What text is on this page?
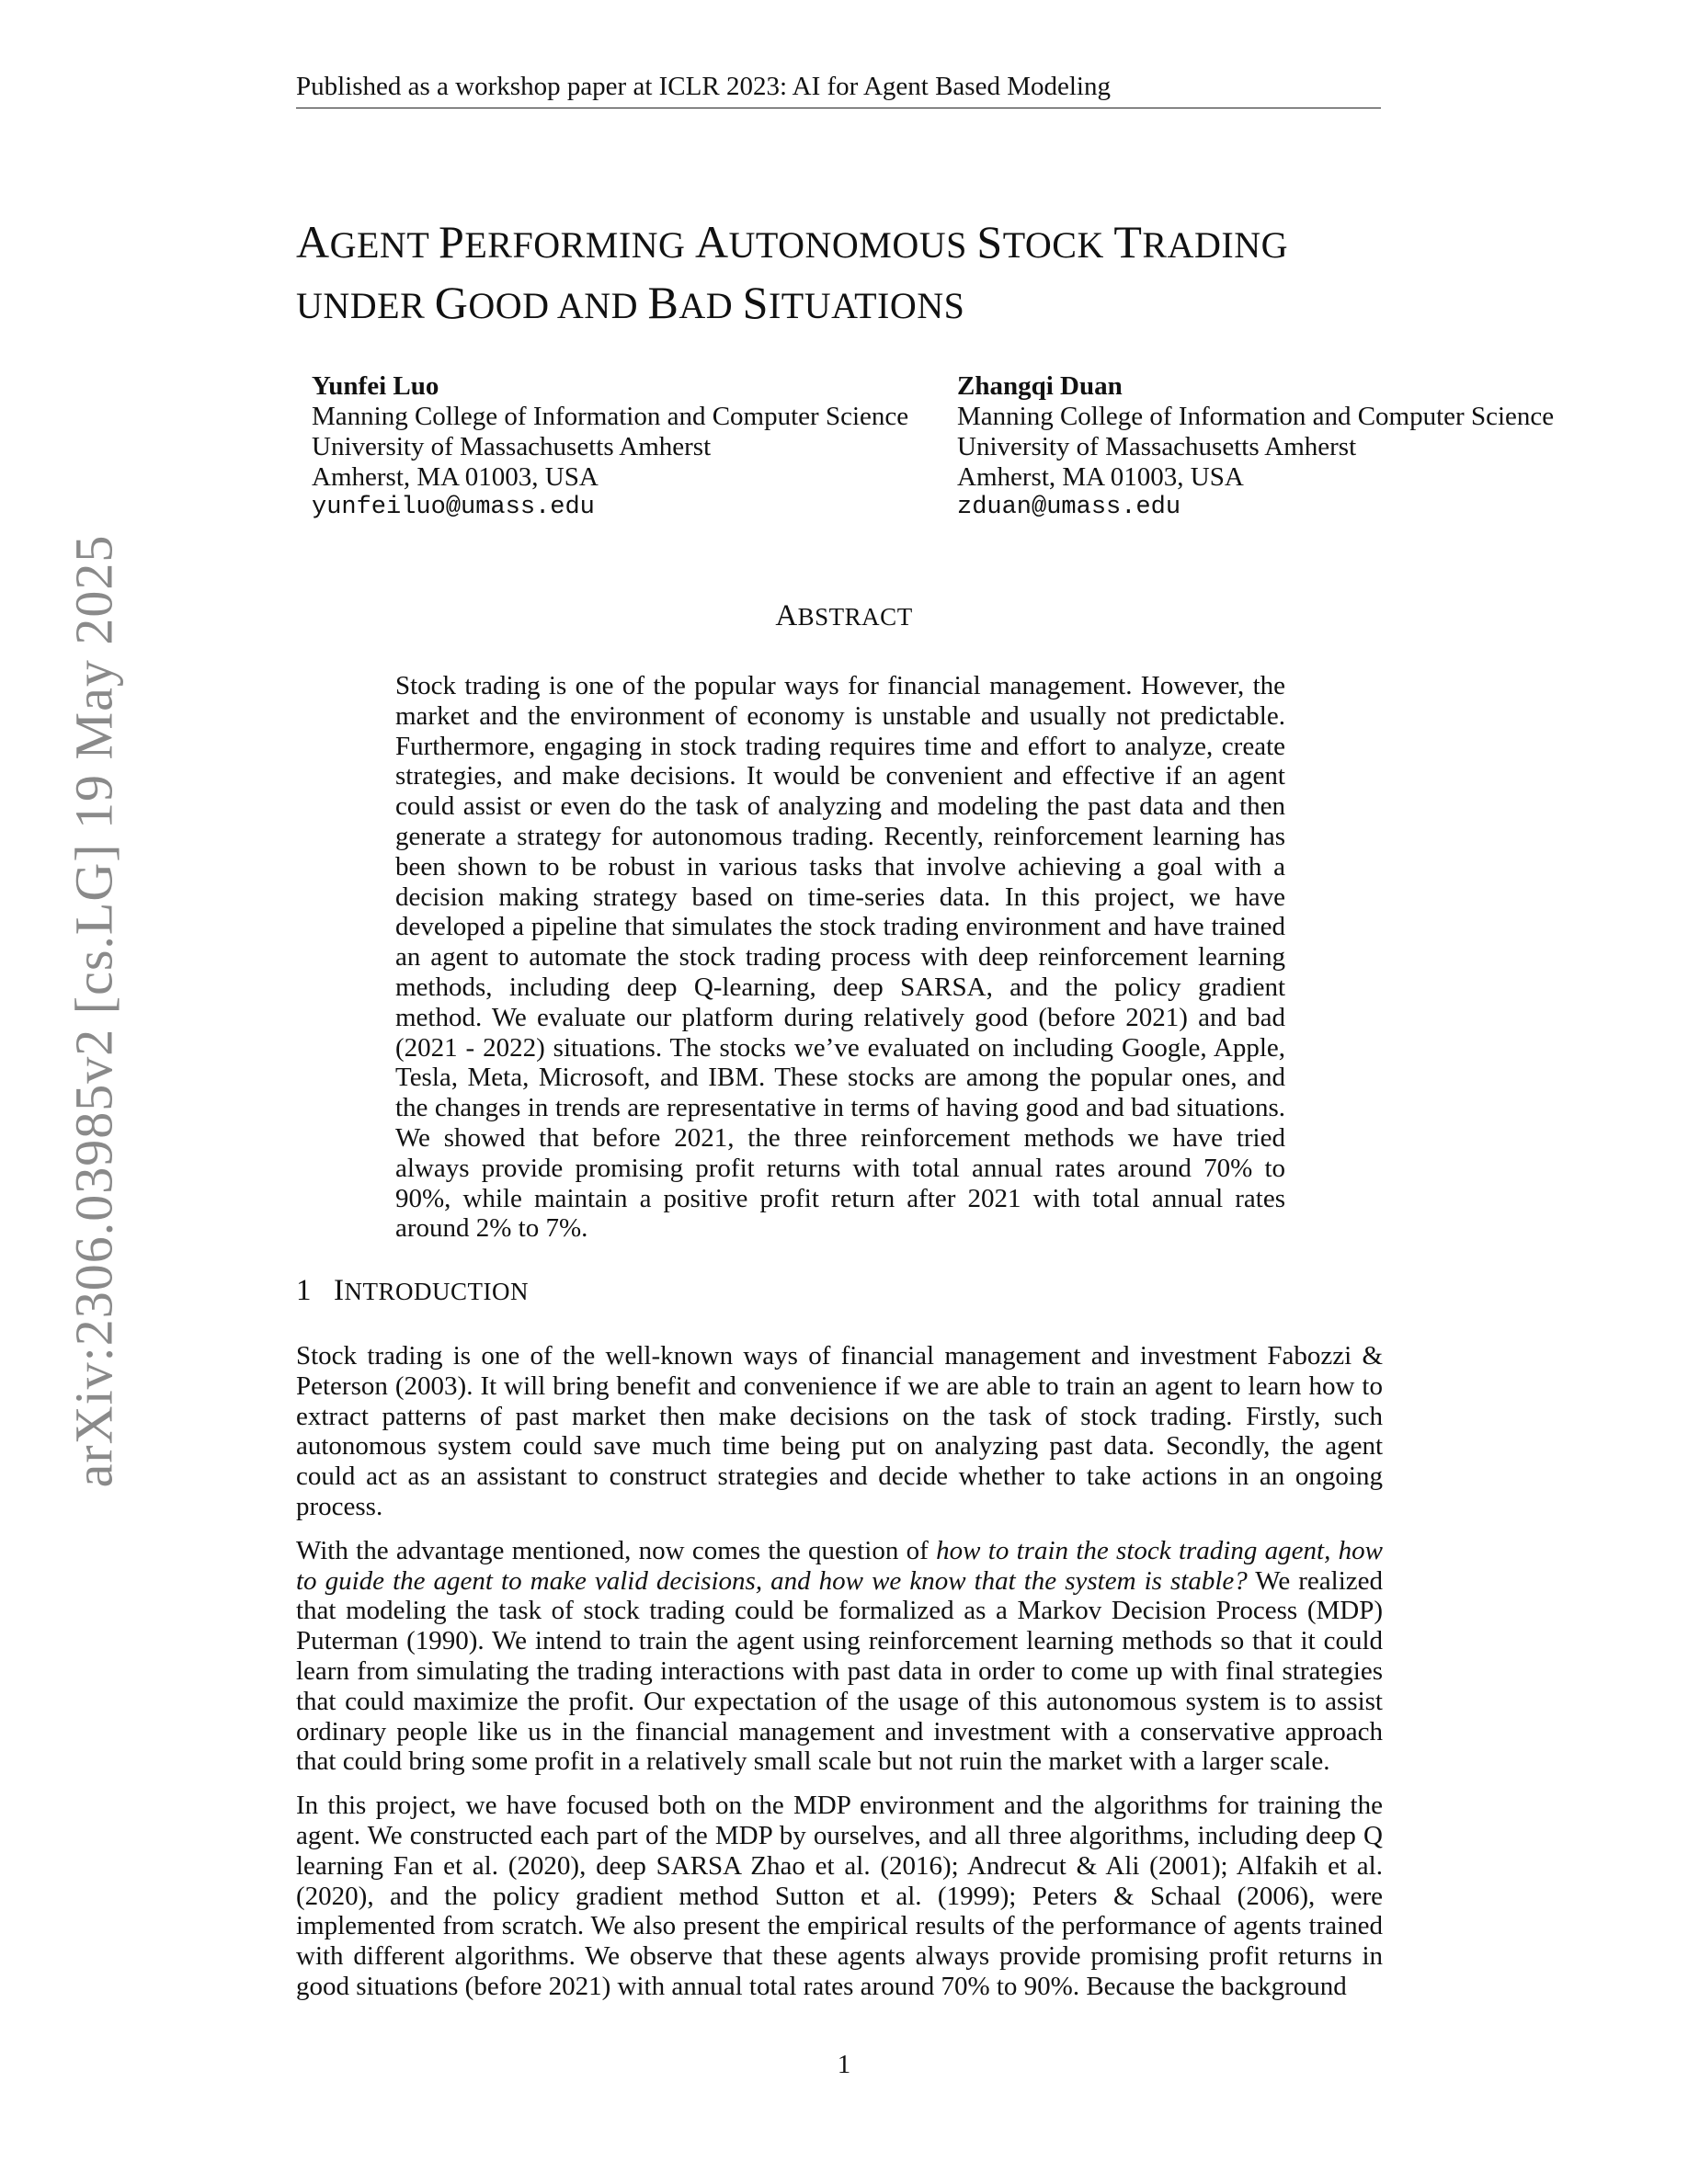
Published as a workshop paper at ICLR 2023: AI for Agent Based Modeling
AGENT PERFORMING AUTONOMOUS STOCK TRADING
UNDER GOOD AND BAD SITUATIONS
Yunfei Luo
Manning College of Information and Computer Science
University of Massachusetts Amherst
Amherst, MA 01003, USA
yunfeiluo@umass.edu
Zhangqi Duan
Manning College of Information and Computer Science
University of Massachusetts Amherst
Amherst, MA 01003, USA
zduan@umass.edu
ABSTRACT
Stock trading is one of the popular ways for financial management. However, the market and the environment of economy is unstable and usually not predictable. Furthermore, engaging in stock trading requires time and effort to analyze, create strategies, and make decisions. It would be convenient and effective if an agent could assist or even do the task of analyzing and modeling the past data and then generate a strategy for autonomous trading. Recently, reinforcement learning has been shown to be robust in various tasks that involve achieving a goal with a decision making strategy based on time-series data. In this project, we have developed a pipeline that simulates the stock trading environment and have trained an agent to automate the stock trading process with deep reinforcement learning methods, including deep Q-learning, deep SARSA, and the policy gradient method. We evaluate our platform during relatively good (before 2021) and bad (2021 - 2022) situations. The stocks we’ve evaluated on including Google, Apple, Tesla, Meta, Microsoft, and IBM. These stocks are among the popular ones, and the changes in trends are representative in terms of having good and bad situations. We showed that before 2021, the three reinforcement methods we have tried always provide promising profit returns with total annual rates around 70% to 90%, while maintain a positive profit return after 2021 with total annual rates around 2% to 7%.
1 INTRODUCTION

Stock trading is one of the well-known ways of financial management and investment Fabozzi & Peterson (2003). It will bring benefit and convenience if we are able to train an agent to learn how to extract patterns of past market then make decisions on the task of stock trading. Firstly, such autonomous system could save much time being put on analyzing past data. Secondly, the agent could act as an assistant to construct strategies and decide whether to take actions in an ongoing process.

With the advantage mentioned, now comes the question of how to train the stock trading agent, how to guide the agent to make valid decisions, and how we know that the system is stable? We realized that modeling the task of stock trading could be formalized as a Markov Decision Process (MDP) Puterman (1990). We intend to train the agent using reinforcement learning methods so that it could learn from simulating the trading interactions with past data in order to come up with final strategies that could maximize the profit. Our expectation of the usage of this autonomous system is to assist ordinary people like us in the financial management and investment with a conservative approach that could bring some profit in a relatively small scale but not ruin the market with a larger scale.

In this project, we have focused both on the MDP environment and the algorithms for training the agent. We constructed each part of the MDP by ourselves, and all three algorithms, including deep Q learning Fan et al. (2020), deep SARSA Zhao et al. (2016); Andrecut & Ali (2001); Alfakih et al. (2020), and the policy gradient method Sutton et al. (1999); Peters & Schaal (2006), were implemented from scratch. We also present the empirical results of the performance of agents trained with different algorithms. We observe that these agents always provide promising profit returns in good situations (before 2021) with annual total rates around 70% to 90%. Because the background

arXiv:2306.03985v2 [cs.LG] 19 May 2025
1
